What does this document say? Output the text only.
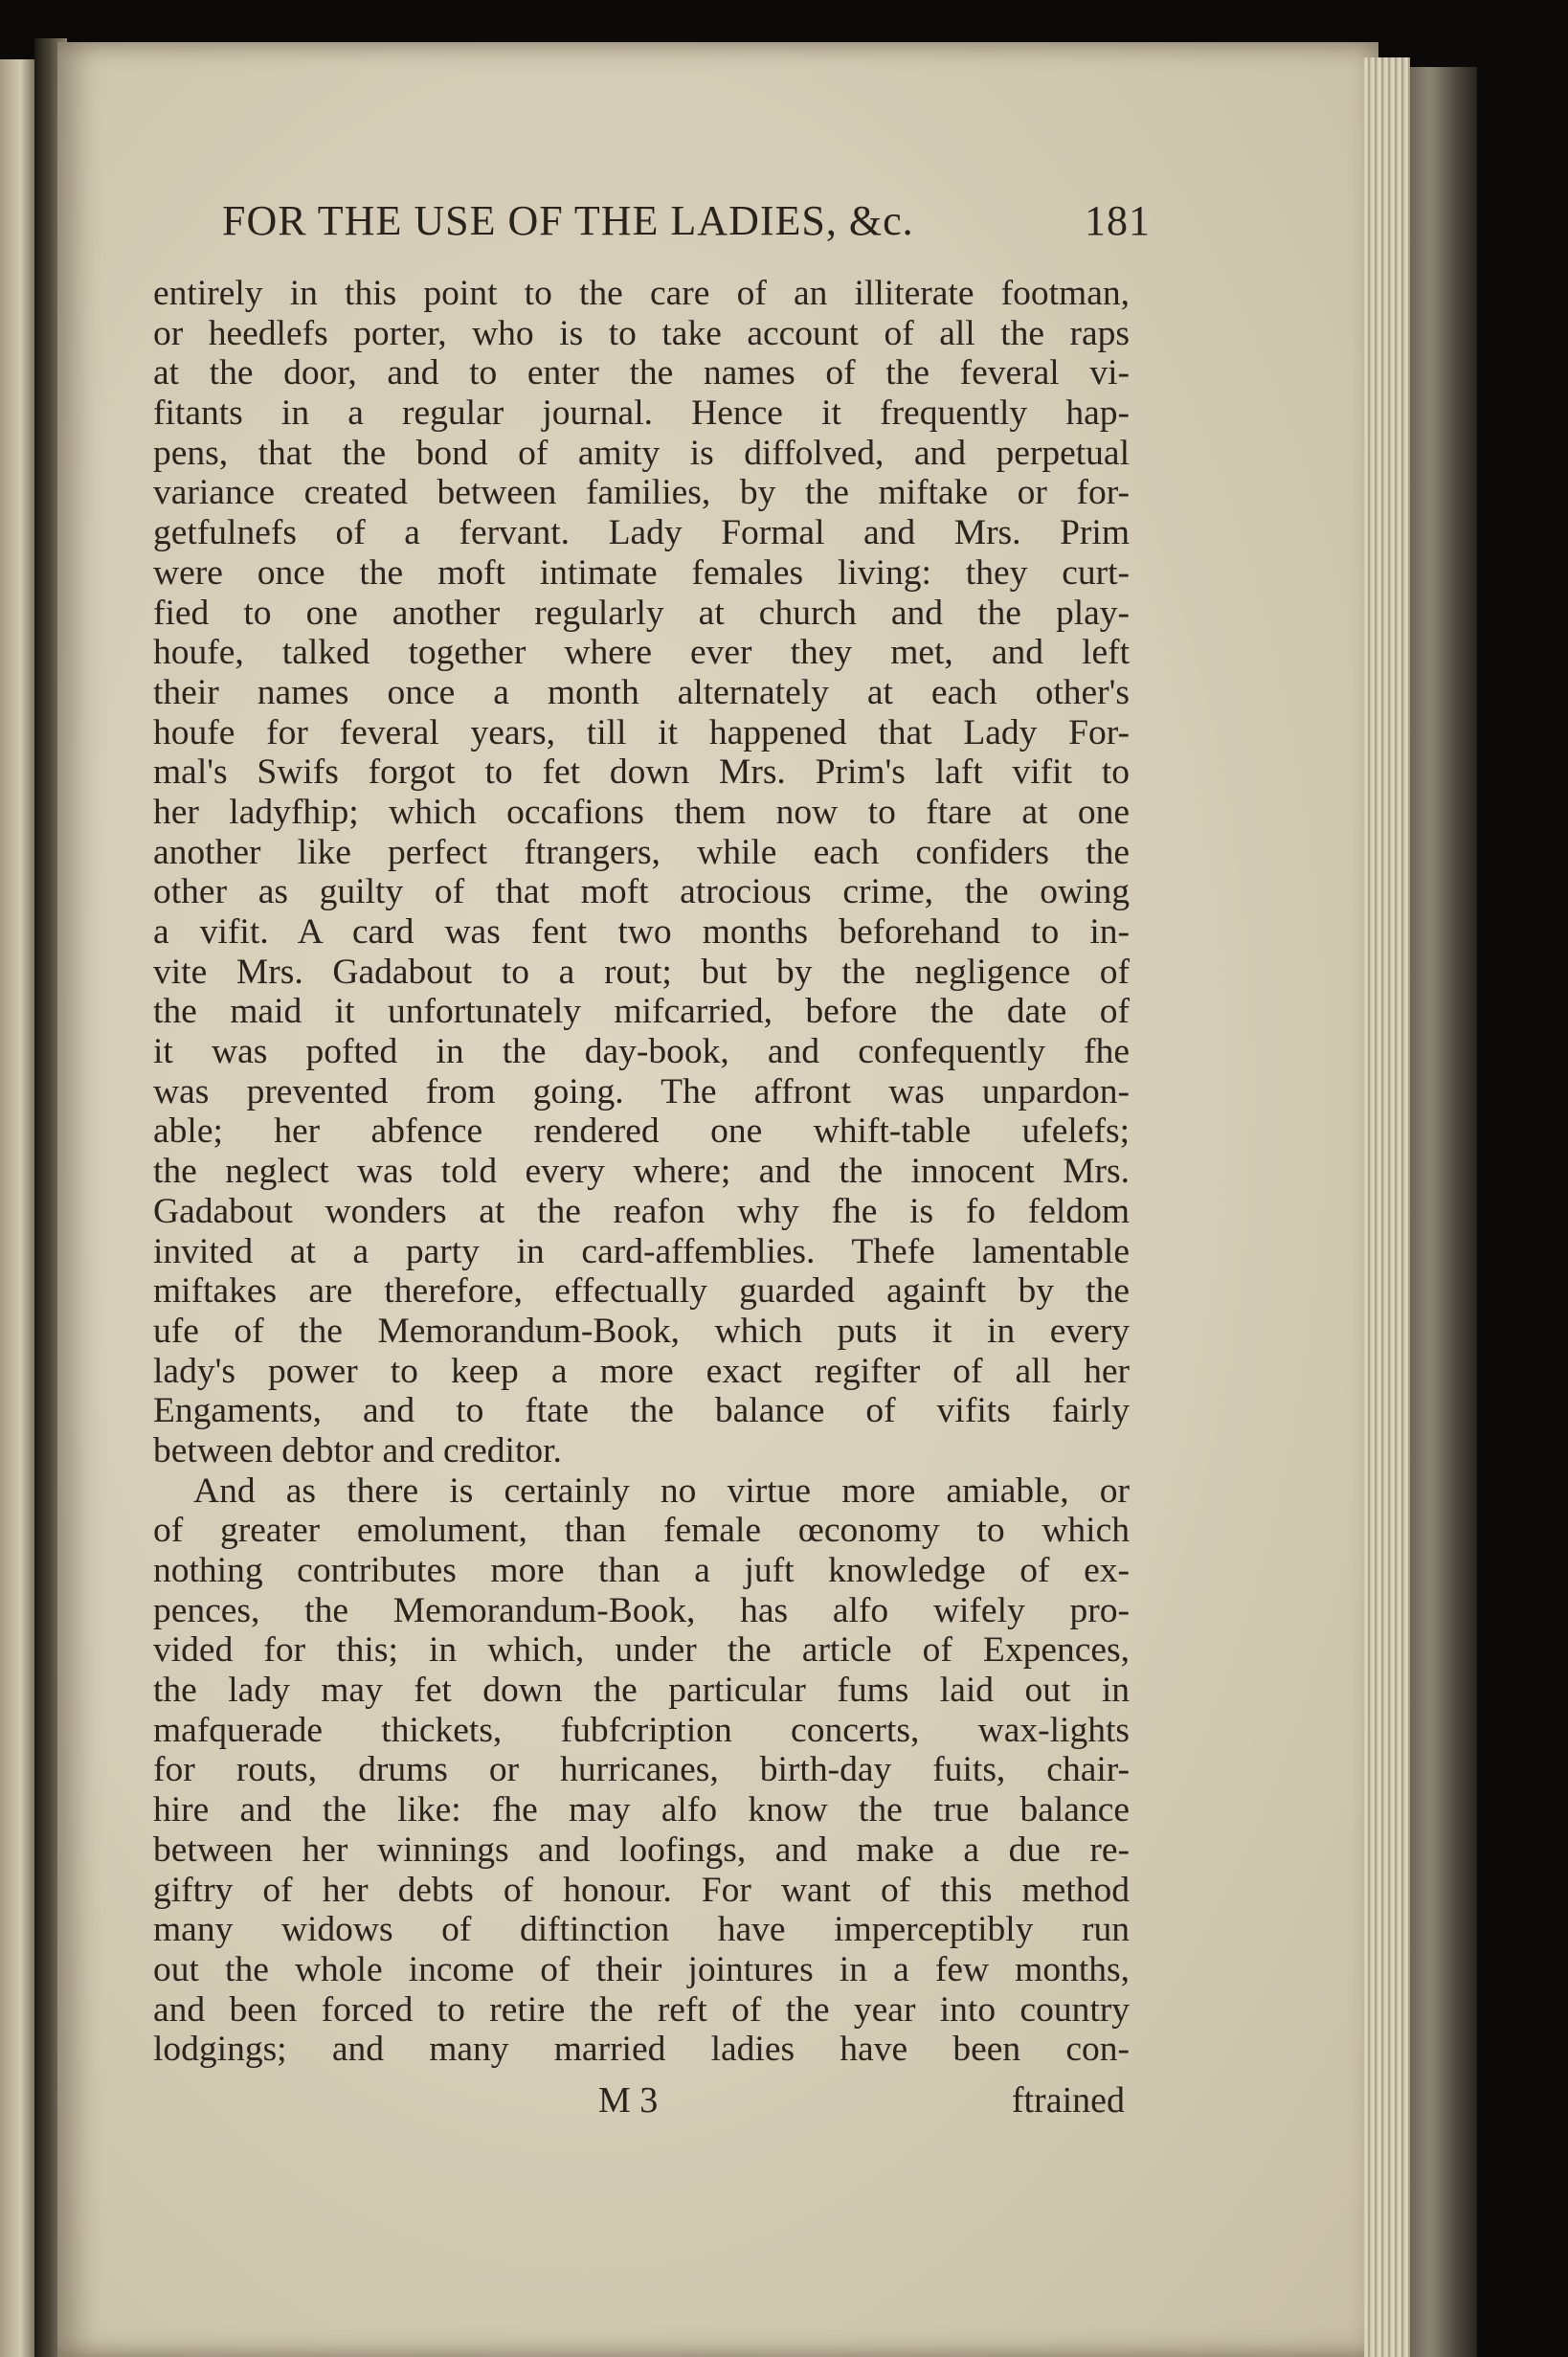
FOR THE USE OF THE LADIES, &c.	181
entirely in this point to the care of an illiterate footman,
or heedlefs porter, who is to take account of all the raps
at the door, and to enter the names of the feveral vi-
fitants in a regular journal. Hence it frequently hap-
pens, that the bond of amity is diffolved, and perpetual
variance created between families, by the miftake or for-
getfulnefs of a fervant. Lady Formal and Mrs. Prim
were once the moft intimate females living: they curt-
fied to one another regularly at church and the play-
houfe, talked together where ever they met, and left
their names once a month alternately at each other's
houfe for feveral years, till it happened that Lady For-
mal's Swifs forgot to fet down Mrs. Prim's laft vifit to
her ladyfhip; which occafions them now to ftare at one
another like perfect ftrangers, while each confiders the
other as guilty of that moft atrocious crime, the owing
a vifit. A card was fent two months beforehand to in-
vite Mrs. Gadabout to a rout; but by the negligence of
the maid it unfortunately mifcarried, before the date of
it was pofted in the day-book, and confequently fhe
was prevented from going. The affront was unpardon-
able; her abfence rendered one whift-table ufelefs;
the neglect was told every where; and the innocent Mrs.
Gadabout wonders at the reafon why fhe is fo feldom
invited at a party in card-affemblies. Thefe lamentable
miftakes are therefore, effectually guarded againft by the
ufe of the Memorandum-Book, which puts it in every
lady's power to keep a more exact regifter of all her
Engaments, and to ftate the balance of vifits fairly
between debtor and creditor.
And as there is certainly no virtue more amiable, or
of greater emolument, than female œconomy to which
nothing contributes more than a juft knowledge of ex-
pences, the Memorandum-Book, has alfo wifely pro-
vided for this; in which, under the article of Expences,
the lady may fet down the particular fums laid out in
mafquerade thickets, fubfcription concerts, wax-lights
for routs, drums or hurricanes, birth-day fuits, chair-
hire and the like: fhe may alfo know the true balance
between her winnings and loofings, and make a due re-
giftry of her debts of honour. For want of this method
many widows of diftinction have imperceptibly run
out the whole income of their jointures in a few months,
and been forced to retire the reft of the year into country
lodgings; and many married ladies have been con-
M 3	ftrained
